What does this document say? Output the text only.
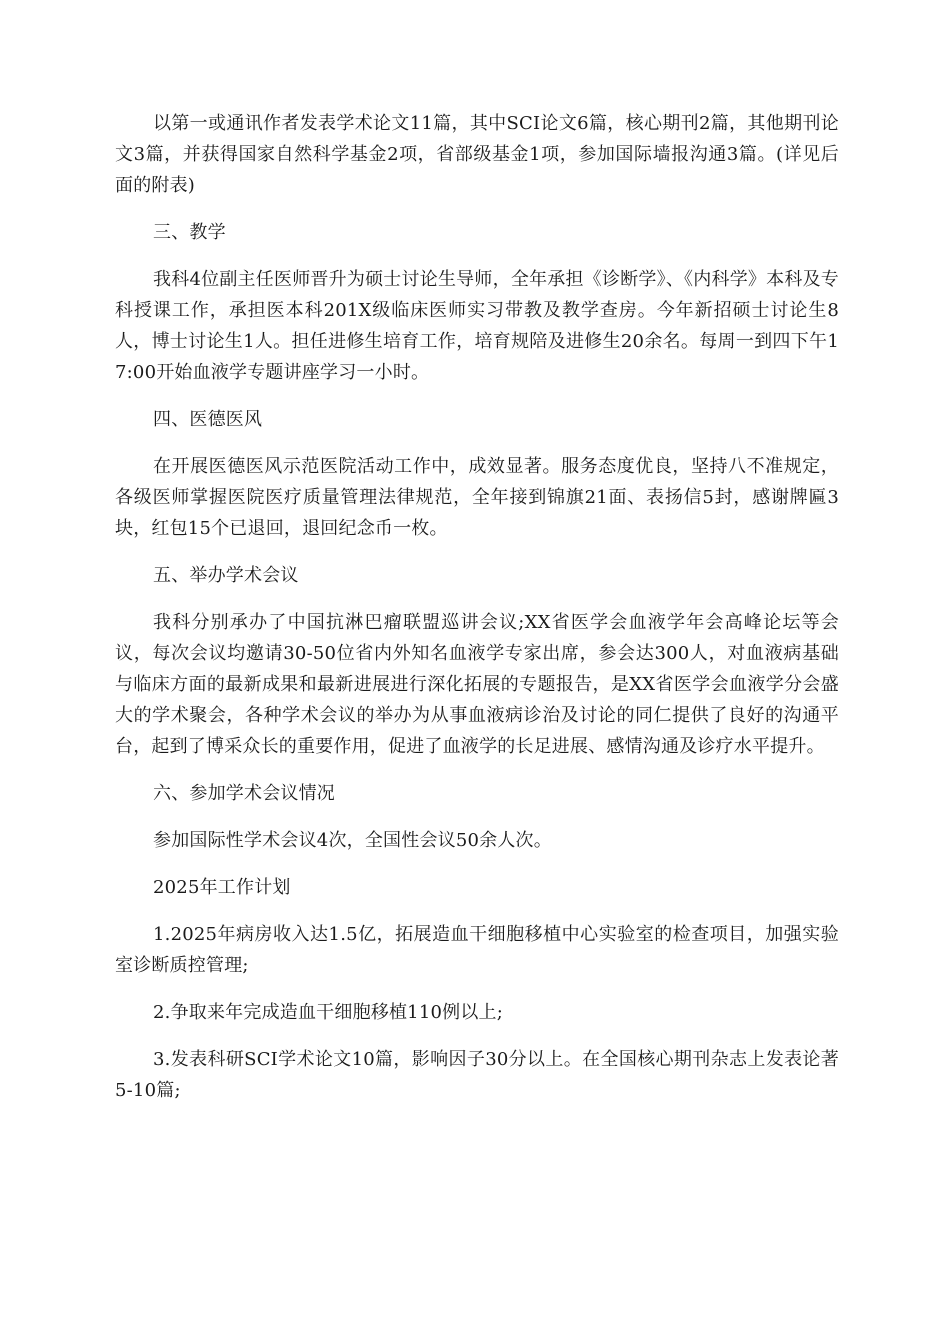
以第一或通讯作者发表学术论文11篇，其中SCI论文6篇，核心期刊2篇，其他期刊论文3篇，并获得国家自然科学基金2项，省部级基金1项，参加国际墙报沟通3篇。(详见后面的附表)

三、教学

我科4位副主任医师晋升为硕士讨论生导师，全年承担《诊断学》、《内科学》本科及专科授课工作，承担医本科201X级临床医师实习带教及教学查房。今年新招硕士讨论生8人，博士讨论生1人。担任进修生培育工作，培育规陪及进修生20余名。每周一到四下午17:00开始血液学专题讲座学习一小时。

四、医德医风

在开展医德医风示范医院活动工作中，成效显著。服务态度优良，坚持八不准规定，各级医师掌握医院医疗质量管理法律规范，全年接到锦旗21面、表扬信5封，感谢牌匾3块，红包15个已退回，退回纪念币一枚。

五、举办学术会议

我科分别承办了中国抗淋巴瘤联盟巡讲会议;XX省医学会血液学年会高峰论坛等会议，每次会议均邀请30-50位省内外知名血液学专家出席，参会达300人，对血液病基础与临床方面的最新成果和最新进展进行深化拓展的专题报告，是XX省医学会血液学分会盛大的学术聚会，各种学术会议的举办为从事血液病诊治及讨论的同仁提供了良好的沟通平台，起到了博采众长的重要作用，促进了血液学的长足进展、感情沟通及诊疗水平提升。

六、参加学术会议情况

参加国际性学术会议4次，全国性会议50余人次。

2025年工作计划

1.2025年病房收入达1.5亿，拓展造血干细胞移植中心实验室的检查项目，加强实验室诊断质控管理;

2.争取来年完成造血干细胞移植110例以上;

3.发表科研SCI学术论文10篇，影响因子30分以上。在全国核心期刊杂志上发表论著5-10篇;
